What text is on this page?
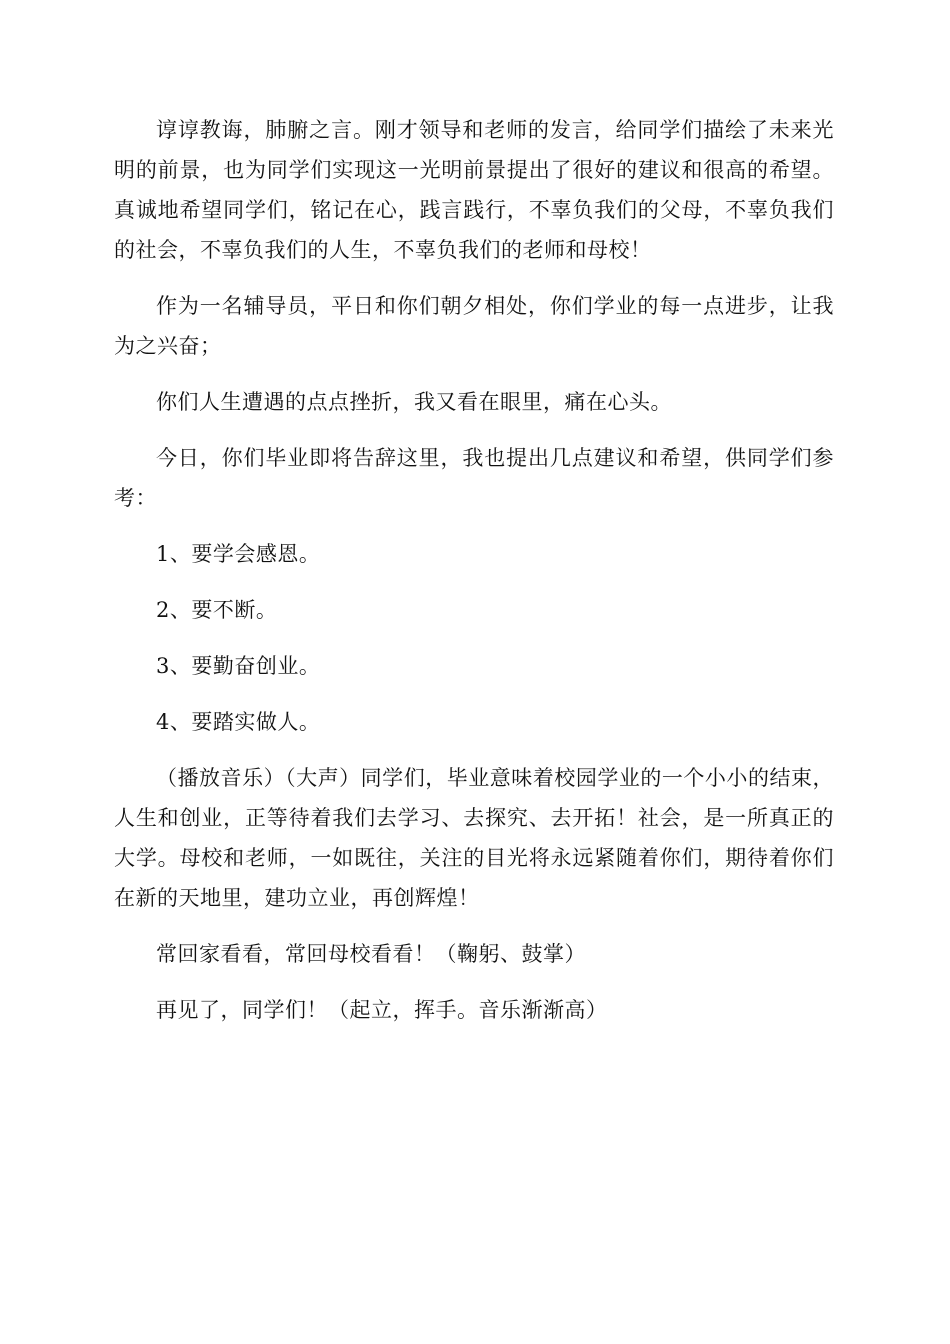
谆谆教诲，肺腑之言。刚才领导和老师的发言，给同学们描绘了未来光明的前景，也为同学们实现这一光明前景提出了很好的建议和很高的希望。真诚地希望同学们，铭记在心，践言践行，不辜负我们的父母，不辜负我们的社会，不辜负我们的人生，不辜负我们的老师和母校！

作为一名辅导员，平日和你们朝夕相处，你们学业的每一点进步，让我为之兴奋；

你们人生遭遇的点点挫折，我又看在眼里，痛在心头。

今日，你们毕业即将告辞这里，我也提出几点建议和希望，供同学们参考：

1、要学会感恩。

2、要不断。

3、要勤奋创业。

4、要踏实做人。

（播放音乐）（大声）同学们，毕业意味着校园学业的一个小小的结束，人生和创业，正等待着我们去学习、去探究、去开拓！社会，是一所真正的大学。母校和老师，一如既往，关注的目光将永远紧随着你们，期待着你们在新的天地里，建功立业，再创辉煌！

常回家看看，常回母校看看！（鞠躬、鼓掌）

再见了，同学们！（起立，挥手。音乐渐渐高）
